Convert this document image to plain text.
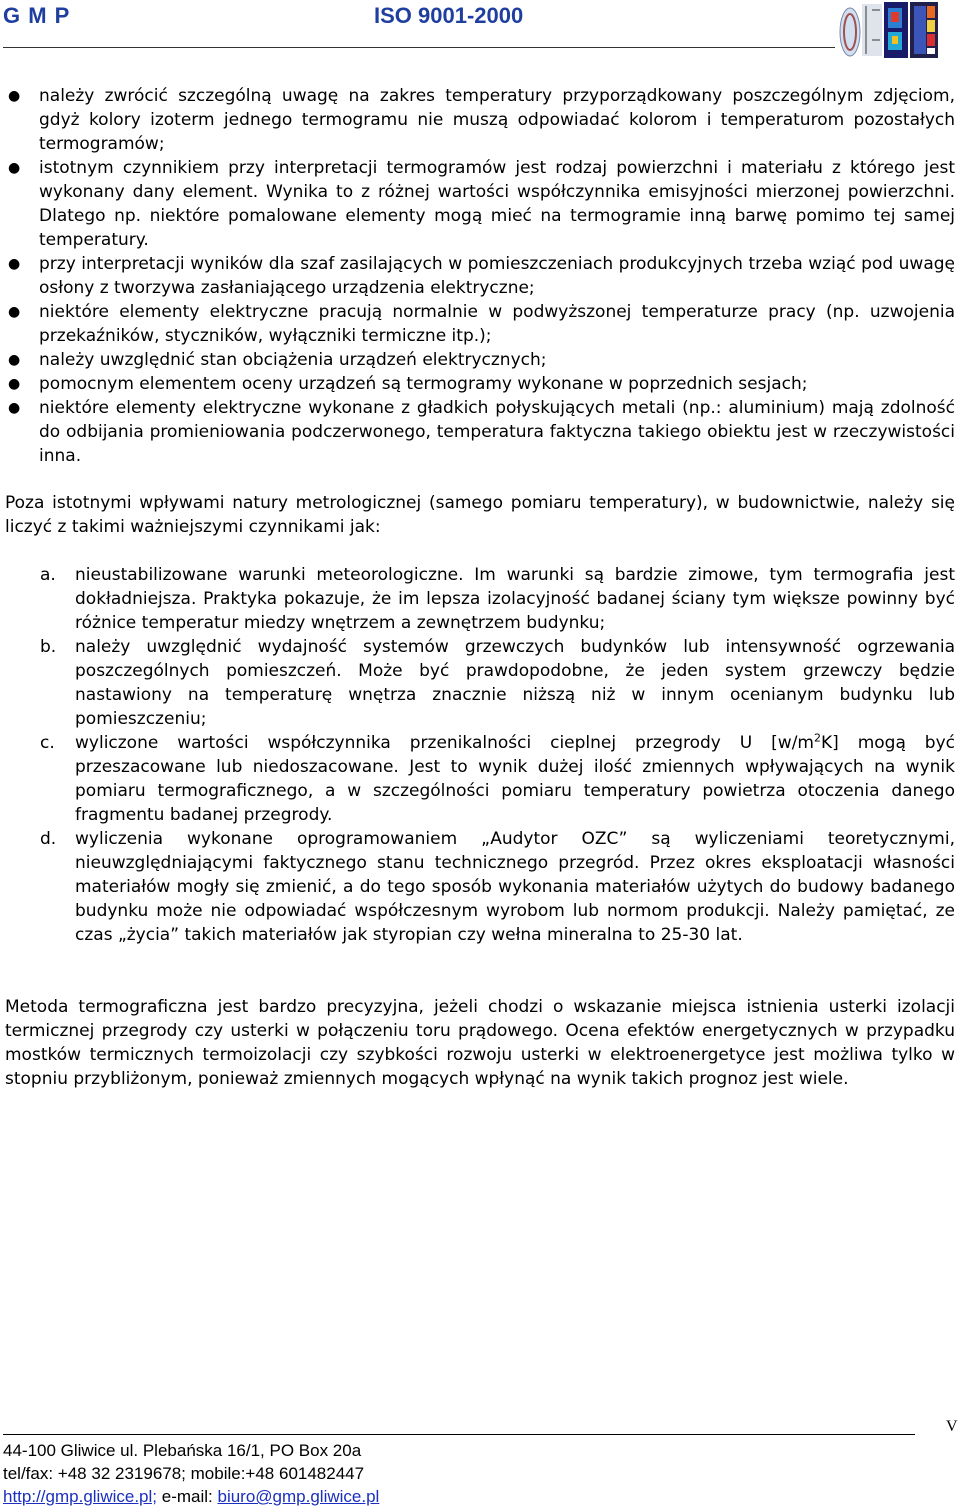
G M P	ISO 9001-2000
● należy zwrócić szczególną uwagę na zakres temperatury przyporządkowany poszczególnym zdjęciom, gdyż kolory izoterm jednego termogramu nie muszą odpowiadać kolorom i temperaturom pozostałych termogramów;
● istotnym czynnikiem przy interpretacji termogramów jest rodzaj powierzchni i materiału z którego jest wykonany dany element. Wynika to z różnej wartości współczynnika emisyjności mierzonej powierzchni. Dlatego np. niektóre pomalowane elementy mogą mieć na termogramie inną barwę pomimo tej samej temperatury.
● przy interpretacji wyników dla szaf zasilających w pomieszczeniach produkcyjnych trzeba wziąć pod uwagę osłony z tworzywa zasłaniającego urządzenia elektryczne;
● niektóre elementy elektryczne pracują normalnie w podwyższonej temperaturze pracy (np. uzwojenia przekaźników, styczników, wyłączniki termiczne itp.);
● należy uwzględnić stan obciążenia urządzeń elektrycznych;
● pomocnym elementem oceny urządzeń są termogramy wykonane w poprzednich sesjach;
● niektóre elementy elektryczne wykonane z gładkich połyskujących metali (np.: aluminium) mają zdolność do odbijania promieniowania podczerwonego, temperatura faktyczna takiego obiektu jest w rzeczywistości inna.

Poza istotnymi wpływami natury metrologicznej (samego pomiaru temperatury), w budownictwie, należy się liczyć z takimi ważniejszymi czynnikami jak:

a. nieustabilizowane warunki meteorologiczne. Im warunki są bardzie zimowe, tym termografia jest dokładniejsza. Praktyka pokazuje, że im lepsza izolacyjność badanej ściany tym większe powinny być różnice temperatur miedzy wnętrzem a zewnętrzem budynku;
b. należy uwzględnić wydajność systemów grzewczych budynków lub intensywność ogrzewania poszczególnych pomieszczeń. Może być prawdopodobne, że jeden system grzewczy będzie nastawiony na temperaturę wnętrza znacznie niższą niż w innym ocenianym budynku lub pomieszczeniu;
c. wyliczone wartości współczynnika przenikalności cieplnej przegrody U $[w/m^2K]$ mogą być przeszacowane lub niedoszacowane. Jest to wynik dużej ilość zmiennych wpływających na wynik pomiaru termograficznego, a w szczególności pomiaru temperatury powietrza otoczenia danego fragmentu badanej przegrody.
d. wyliczenia wykonane oprogramowaniem „Audytor OZC” są wyliczeniami teoretycznymi, nieuwzględniającymi faktycznego stanu technicznego przegród. Przez okres eksploatacji własności materiałów mogły się zmienić, a do tego sposób wykonania materiałów użytych do budowy badanego budynku może nie odpowiadać współczesnym wyrobom lub normom produkcji. Należy pamiętać, ze czas „życia” takich materiałów jak styropian czy wełna mineralna to 25-30 lat.

Metoda termograficzna jest bardzo precyzyjna, jeżeli chodzi o wskazanie miejsca istnienia usterki izolacji termicznej przegrody czy usterki w połączeniu toru prądowego. Ocena efektów energetycznych w przypadku mostków termicznych termoizolacji czy szybkości rozwoju usterki w elektroenergetyce jest możliwa tylko w stopniu przybliżonym, ponieważ zmiennych mogących wpłynąć na wynik takich prognoz jest wiele.

V
44-100 Gliwice ul. Plebańska 16/1, PO Box 20a
tel/fax: +48 32 2319678; mobile:+48 601482447
http://gmp.gliwice.pl; e-mail: biuro@gmp.gliwice.pl
